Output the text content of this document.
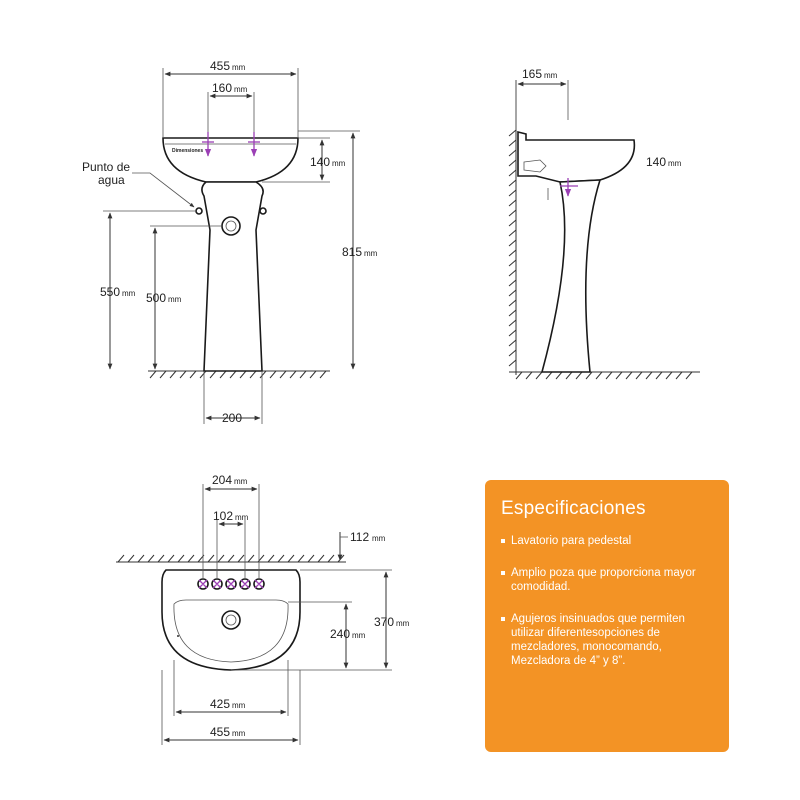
Dimensiones
455 mm
160 mm
140 mm
815 mm
550 mm 500 mm
200
Punto de
agua
165 mm
140 mm
204 mm
102 mm
112 mm
370 mm
240 mm
425 mm
455 mm
Especificaciones
Lavatorio para pedestal
Amplio poza que proporciona mayor comodidad.
Agujeros insinuados que permiten utilizar diferentesopciones de mezcladores, monocomando, Mezcladora de 4” y 8”.
